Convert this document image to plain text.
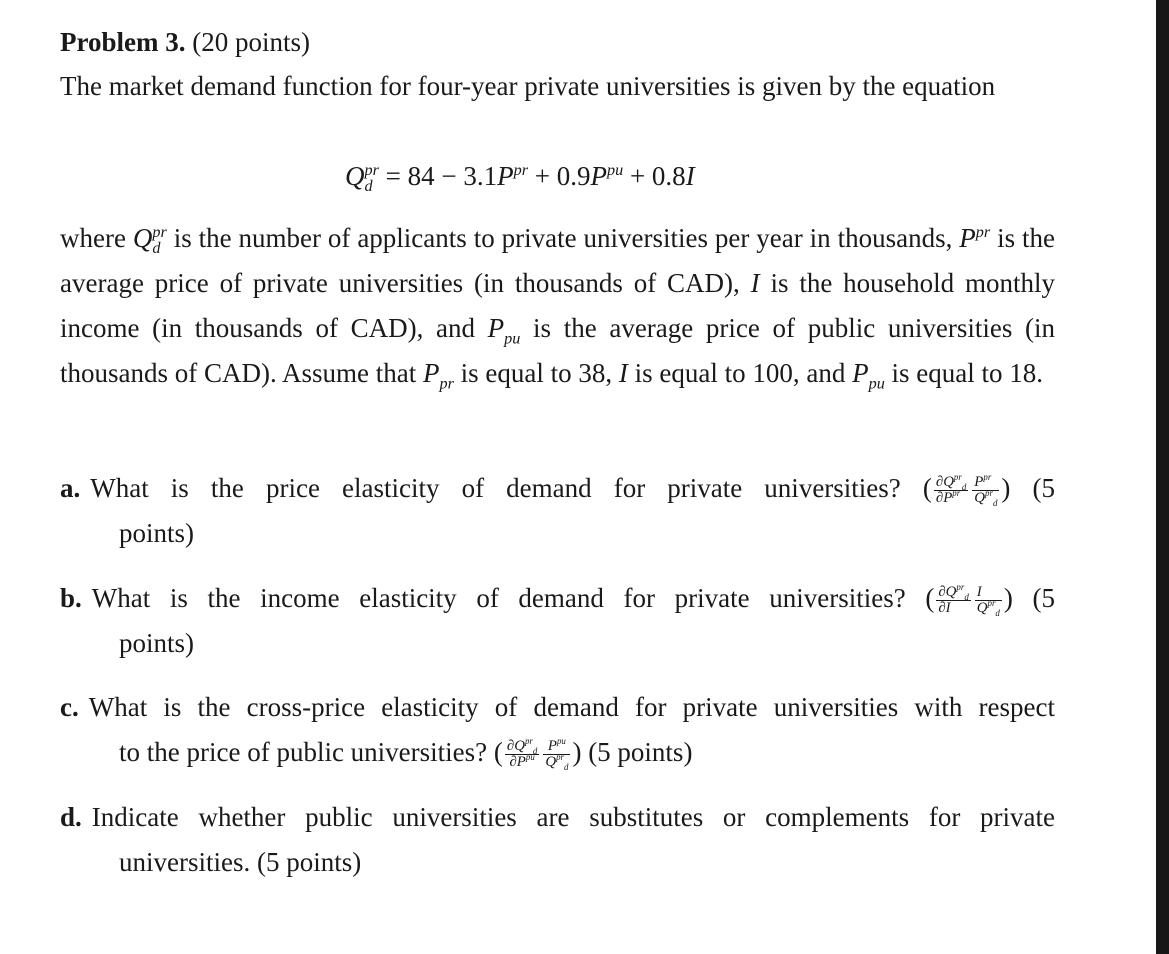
Problem 3. (20 points)
The market demand function for four-year private universities is given by the equation
Q pr
$d = 84 - 3.1P^{pr} + 0.9P^{pu} + 0.8I$
where Q pr
d is the number of applicants to private universities per year in thousands, $P^{pr}$ is the average price of private universities (in thousands of CAD), I is the household monthly income (in thousands of CAD), and $P_{pu}$ is the average price of public universities (in thousands of CAD). Assume that $P_{pr}$ is equal to 38, I is equal to 100, and $P_{pu}$ is equal to 18.
a. What is the price elasticity of demand for private universities? ( $\frac{\partial Q^{pr}_d}{\partial P^{pr}} \frac{P^{pr}}{Q^{pr}_d}$ ) (5
points)
b. What is the income elasticity of demand for private universities? ( $\frac{\partial Q^{pr}_d}{\partial I} \frac{I}{Q^{pr}_d}$ ) (5
points)
c. What is the cross-price elasticity of demand for private universities with respect
to the price of public universities? ( $\frac{\partial Q^{pr}_d}{\partial P^{pu}} \frac{P^{pu}}{Q^{pr}_d}$ ) (5 points)
d. Indicate whether public universities are substitutes or complements for private
universities. (5 points)
